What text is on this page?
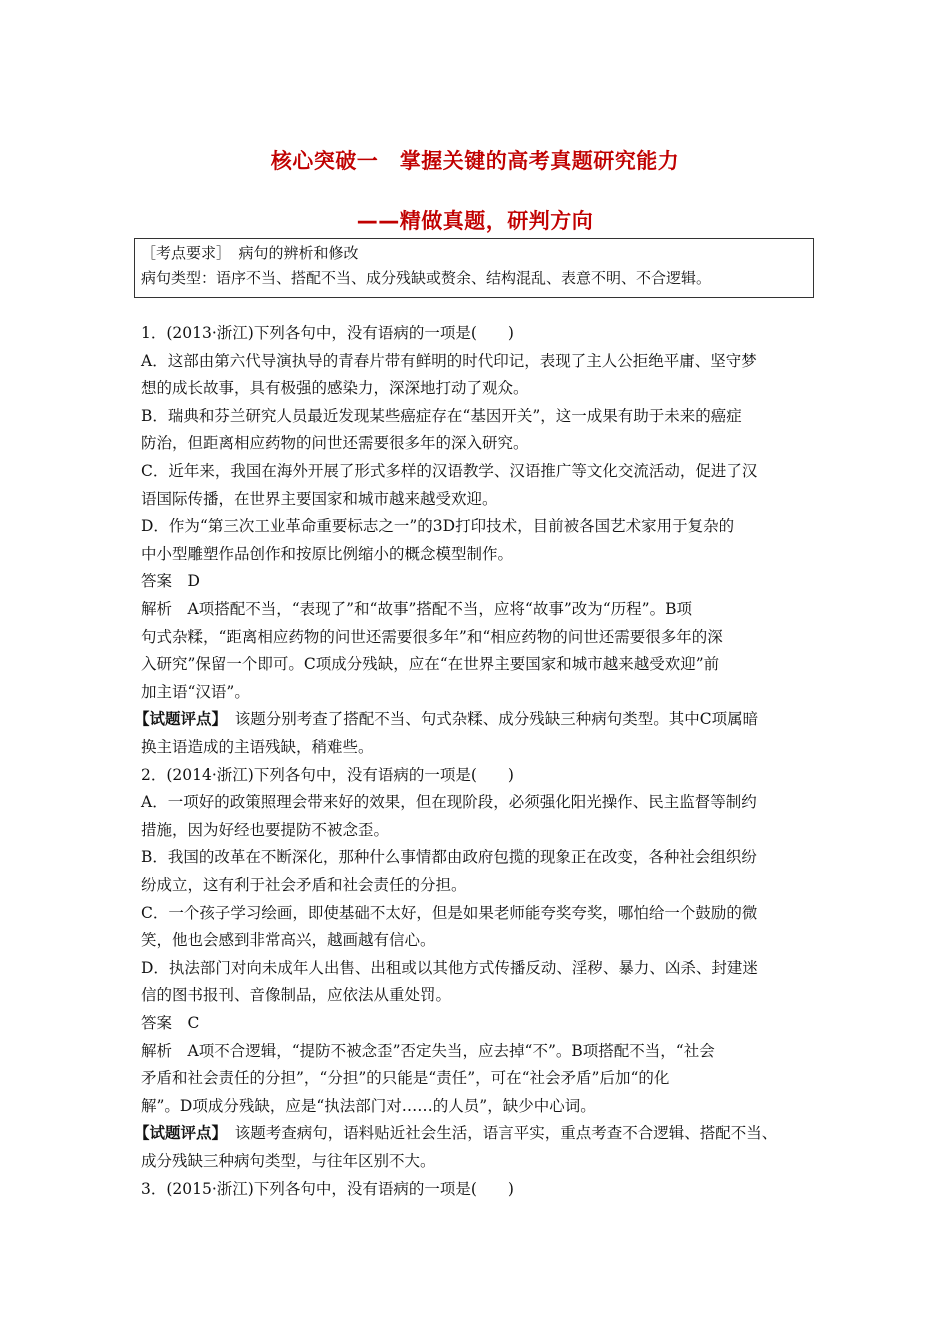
核心突破一　掌握关键的高考真题研究能力
——精做真题，研判方向
［考点要求］　病句的辨析和修改
病句类型：语序不当、搭配不当、成分残缺或赘余、结构混乱、表意不明、不合逻辑。
1．(2013·浙江)下列各句中，没有语病的一项是(　　)
A．这部由第六代导演执导的青春片带有鲜明的时代印记，表现了主人公拒绝平庸、坚守梦
想的成长故事，具有极强的感染力，深深地打动了观众。
B．瑞典和芬兰研究人员最近发现某些癌症存在“基因开关”，这一成果有助于未来的癌症
防治，但距离相应药物的问世还需要很多年的深入研究。
C．近年来，我国在海外开展了形式多样的汉语教学、汉语推广等文化交流活动，促进了汉
语国际传播，在世界主要国家和城市越来越受欢迎。
D．作为“第三次工业革命重要标志之一”的3D打印技术，目前被各国艺术家用于复杂的
中小型雕塑作品创作和按原比例缩小的概念模型制作。
答案　D
解析　A项搭配不当，“表现了”和“故事”搭配不当，应将“故事”改为“历程”。B项
句式杂糅，“距离相应药物的问世还需要很多年”和“相应药物的问世还需要很多年的深
入研究”保留一个即可。C项成分残缺，应在“在世界主要国家和城市越来越受欢迎”前
加主语“汉语”。
【试题评点】　该题分别考查了搭配不当、句式杂糅、成分残缺三种病句类型。其中C项属暗
换主语造成的主语残缺，稍难些。
2．(2014·浙江)下列各句中，没有语病的一项是(　　)
A．一项好的政策照理会带来好的效果，但在现阶段，必须强化阳光操作、民主监督等制约
措施，因为好经也要提防不被念歪。
B．我国的改革在不断深化，那种什么事情都由政府包揽的现象正在改变，各种社会组织纷
纷成立，这有利于社会矛盾和社会责任的分担。
C．一个孩子学习绘画，即使基础不太好，但是如果老师能夸奖夸奖，哪怕给一个鼓励的微
笑，他也会感到非常高兴，越画越有信心。
D．执法部门对向未成年人出售、出租或以其他方式传播反动、淫秽、暴力、凶杀、封建迷
信的图书报刊、音像制品，应依法从重处罚。
答案　C
解析　A项不合逻辑，“提防不被念歪”否定失当，应去掉“不”。B项搭配不当，“社会
矛盾和社会责任的分担”，“分担”的只能是“责任”，可在“社会矛盾”后加“的化
解”。D项成分残缺，应是“执法部门对……的人员”，缺少中心词。
【试题评点】　该题考查病句，语料贴近社会生活，语言平实，重点考查不合逻辑、搭配不当、
成分残缺三种病句类型，与往年区别不大。
3．(2015·浙江)下列各句中，没有语病的一项是(　　)
